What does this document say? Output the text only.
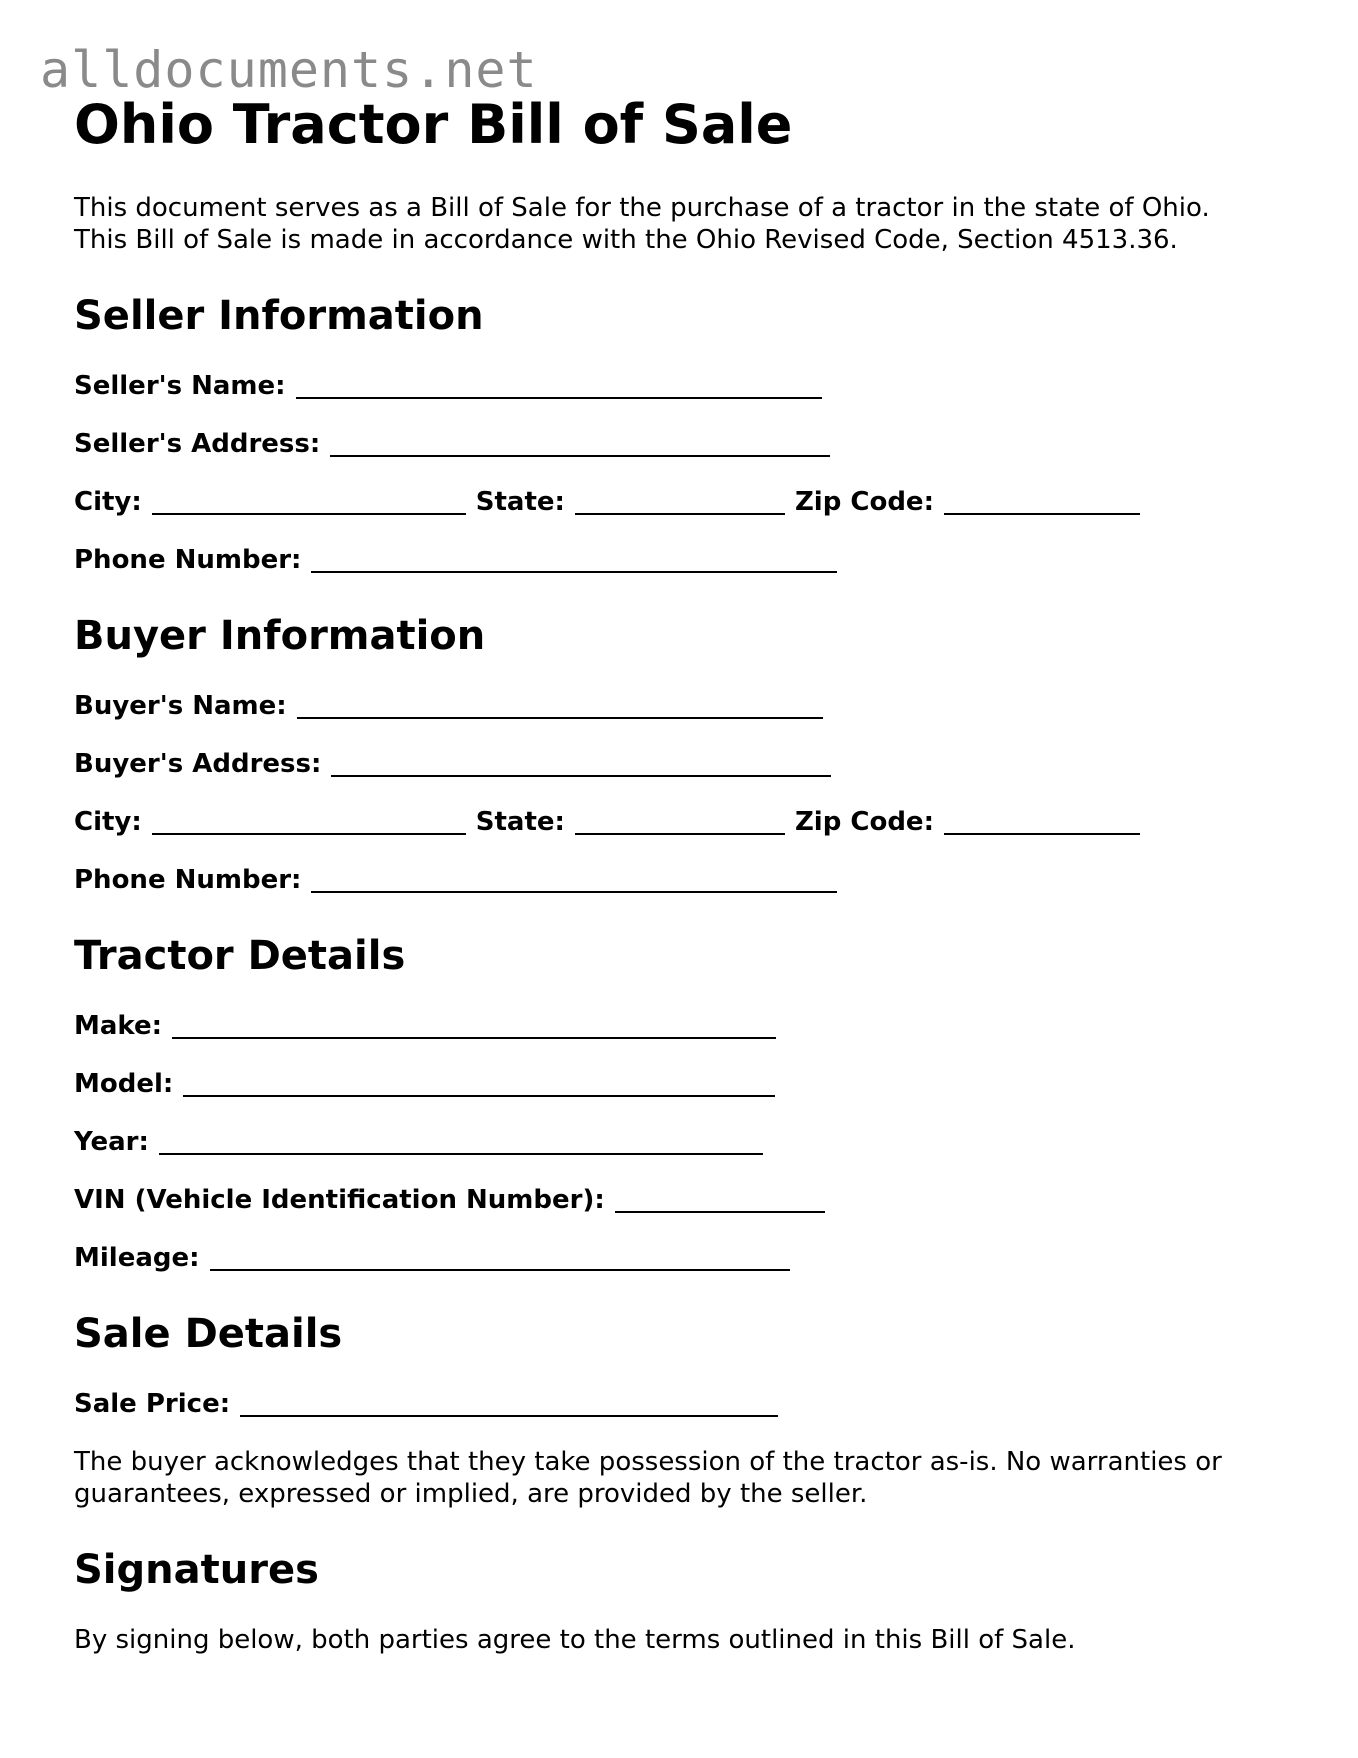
alldocuments.net
Ohio Tractor Bill of Sale

This document serves as a Bill of Sale for the purchase of a tractor in the state of Ohio.

This Bill of Sale is made in accordance with the Ohio Revised Code, Section 4513.36.

Seller Information
Seller's Name:
Seller's Address:
City:	State:	Zip Code:
Phone Number:
Buyer Information
Buyer's Name:
Buyer's Address:
City:	State:	Zip Code:
Phone Number:
Tractor Details
Make:
Model:
Year:
VIN (Vehicle Identification Number):
Mileage:
Sale Details
Sale Price:
The buyer acknowledges that they take possession of the tractor as-is. No warranties or
guarantees, expressed or implied, are provided by the seller.
Signatures
By signing below, both parties agree to the terms outlined in this Bill of Sale.
